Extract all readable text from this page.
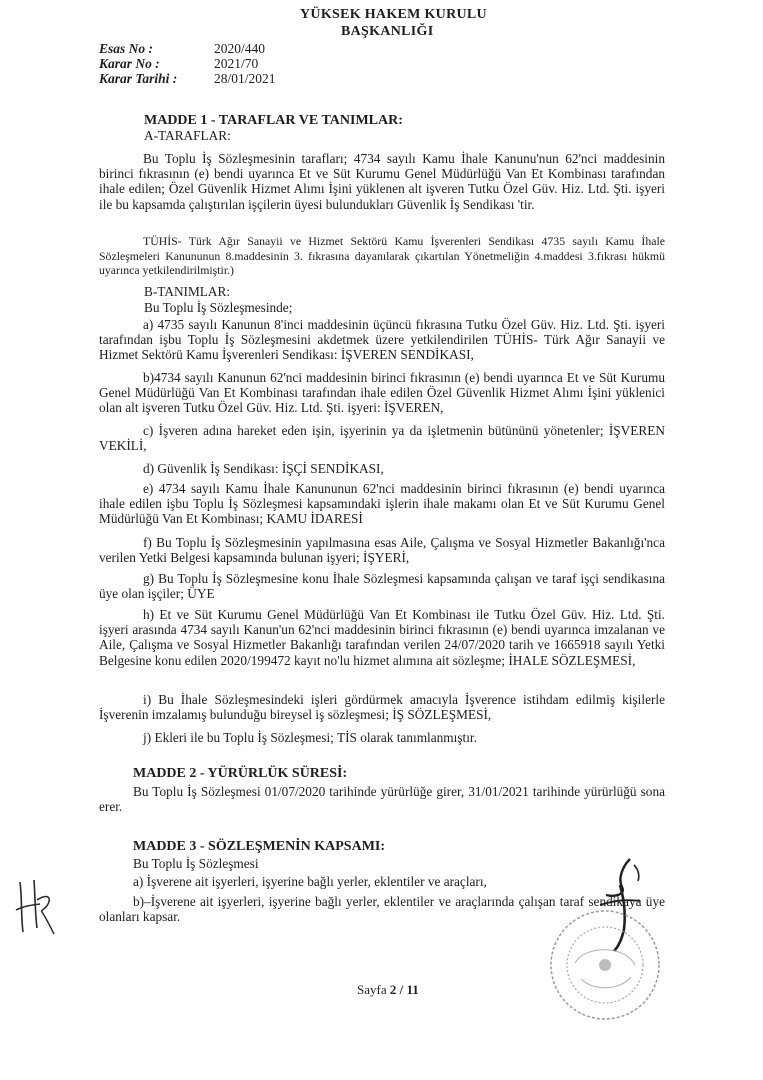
YÜKSEK HAKEM KURULU
BAŞKANLIĞI
Esas No :	2020/440
Karar No :	2021/70
Karar Tarihi :	28/01/2021
MADDE 1 - TARAFLAR VE TANIMLAR:
A-TARAFLAR:
Bu Toplu İş Sözleşmesinin tarafları; 4734 sayılı Kamu İhale Kanunu'nun 62'nci maddesinin birinci fıkrasının (e) bendi uyarınca Et ve Süt Kurumu Genel Müdürlüğü Van Et Kombinası tarafından ihale edilen; Özel Güvenlik Hizmet Alımı İşini yüklenen alt işveren Tutku Özel Güv. Hiz. Ltd. Şti. işyeri ile bu kapsamda çalıştırılan işçilerin üyesi bulundukları Güvenlik İş Sendikası 'tir.
TÜHİS- Türk Ağır Sanayii ve Hizmet Sektörü Kamu İşverenleri Sendikası 4735 sayılı Kamu İhale Sözleşmeleri Kanununun 8.maddesinin 3. fıkrasına dayanılarak çıkartılan Yönetmeliğin 4.maddesi 3.fıkrası hükmü uyarınca yetkilendirilmiştir.)
B-TANIMLAR:
Bu Toplu İş Sözleşmesinde;
a) 4735 sayılı Kanunun 8'inci maddesinin üçüncü fıkrasına Tutku Özel Güv. Hiz. Ltd. Şti. işyeri tarafından işbu Toplu İş Sözleşmesini akdetmek üzere yetkilendirilen TÜHİS- Türk Ağır Sanayii ve Hizmet Sektörü Kamu İşverenleri Sendikası: İŞVEREN SENDİKASI,
b)4734 sayılı Kanunun 62'nci maddesinin birinci fıkrasının (e) bendi uyarınca Et ve Süt Kurumu Genel Müdürlüğü Van Et Kombinası tarafından ihale edilen Özel Güvenlik Hizmet Alımı İşini yüklenici olan alt işveren Tutku Özel Güv. Hiz. Ltd. Şti. işyeri: İŞVEREN,
c) İşveren adına hareket eden işin, işyerinin ya da işletmenin bütününü yönetenler; İŞVEREN VEKİLİ,
d) Güvenlik İş Sendikası: İŞÇİ SENDİKASI,
e) 4734 sayılı Kamu İhale Kanununun 62'nci maddesinin birinci fıkrasının (e) bendi uyarınca ihale edilen işbu Toplu İş Sözleşmesi kapsamındaki işlerin ihale makamı olan Et ve Süt Kurumu Genel Müdürlüğü Van Et Kombinası; KAMU İDARESİ
f) Bu Toplu İş Sözleşmesinin yapılmasına esas Aile, Çalışma ve Sosyal Hizmetler Bakanlığı'nca verilen Yetki Belgesi kapsamında bulunan işyeri; İŞYERİ,
g) Bu Toplu İş Sözleşmesine konu İhale Sözleşmesi kapsamında çalışan ve taraf işçi sendikasına üye olan işçiler; ÜYE
h) Et ve Süt Kurumu Genel Müdürlüğü Van Et Kombinası ile Tutku Özel Güv. Hiz. Ltd. Şti. işyeri arasında 4734 sayılı Kanun'un 62'nci maddesinin birinci fıkrasının (e) bendi uyarınca imzalanan ve Aile, Çalışma ve Sosyal Hizmetler Bakanlığı tarafından verilen 24/07/2020 tarih ve 1665918 sayılı Yetki Belgesine konu edilen 2020/199472 kayıt no'lu hizmet alımına ait sözleşme; İHALE SÖZLEŞMESİ,
i) Bu İhale Sözleşmesindeki işleri gördürmek amacıyla İşverence istihdam edilmiş kişilerle İşverenin imzalamış bulunduğu bireysel iş sözleşmesi; İŞ SÖZLEŞMESİ,
j) Ekleri ile bu Toplu İş Sözleşmesi; TİS olarak tanımlanmıştır.
MADDE 2 - YÜRÜRLÜK SÜRESİ:
Bu Toplu İş Sözleşmesi 01/07/2020 tarihinde yürürlüğe girer, 31/01/2021 tarihinde yürürlüğü sona erer.
MADDE 3 - SÖZLEŞMENİN KAPSAMI:
Bu Toplu İş Sözleşmesi
a) İşverene ait işyerleri, işyerine bağlı yerler, eklentiler ve araçları,
b)–İşverene ait işyerleri, işyerine bağlı yerler, eklentiler ve araçlarında çalışan taraf sendikaya üye olanları kapsar.
Sayfa 2 / 11
